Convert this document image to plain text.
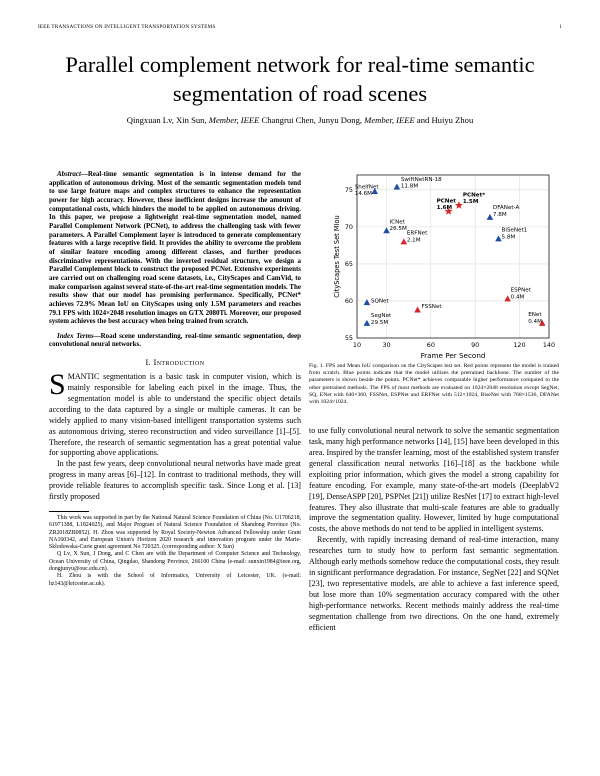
IEEE TRANSACTIONS ON INTELLIGENT TRANSPORTATION SYSTEMS	1
Parallel complement network for real-time semantic segmentation of road scenes
Qingxuan Lv, Xin Sun, Member, IEEE Changrui Chen, Junyu Dong, Member, IEEE and Huiyu Zhou

Abstract—Real-time semantic segmentation is in intense demand for the application of autonomous driving. Most of the semantic segmentation models tend to use large feature maps and complex structures to enhance the representation power for high accuracy. However, these inefficient designs increase the amount of computational costs, which hinders the model to be applied on autonomous driving. In this paper, we propose a lightweight real-time segmentation model, named Parallel Complement Network (PCNet), to address the challenging task with fewer parameters. A Parallel Complement layer is introduced to generate complementary features with a large receptive field. It provides the ability to overcome the problem of similar feature encoding among different classes, and further produces discriminative representations. With the inverted residual structure, we design a Parallel Complement block to construct the proposed PCNet. Extensive experiments are carried out on challenging road scene datasets, i.e., CityScapes and CamVid, to make comparison against several state-of-the-art real-time segmentation models. The results show that our model has promising performance. Specifically, PCNet* achieves 72.9% Mean IoU on CityScapes using only 1.5M parameters and reaches 79.1 FPS with 1024×2048 resolution images on GTX 2080Ti. Moreover, our proposed system achieves the best accuracy when being trained from scratch.

Index Terms—Road scene understanding, real-time semantic segmentation, deep convolutional neural networks.

I. Introduction

SMANTIC segmentation is a basic task in computer vision, which is mainly responsible for labeling each pixel in the image. Thus, the segmentation model is able to understand the specific object details according to the data captured by a single or multiple cameras. It can be widely applied to many vision-based intelligent transportation systems such as autonomous driving, stereo reconstruction and video surveillance [1]–[5]. Therefore, the research of semantic segmentation has a great potential value for supporting above applications.

In the past few years, deep convolutional neural networks have made great progress in many areas [6]–[12]. In contrast to traditional methods, they will provide reliable features to accomplish specific task. Since Long et al. [13] firstly proposed

This work was supported in part by the National Natural Science Foundation of China (No. U1706218, 61971388, L1824025), and Major Program of Natural Science Foundation of Shandong Province (No. ZR2018ZB0852). H. Zhou was supported by Royal Society-Newton Advanced Fellowship under Grant NA160342, and European Union's Horizon 2020 research and innovation program under the Marie-Sklodowska-Curie grant agreement No 720325. (corresponding author: X Sun)

Q Lv, X Sun, J Dong, and C Chen are with the Department of Computer Science and Technology, Ocean University of China, Qingdao, Shandong Province, 266100 China (e-mail: sunxin1984@ieee.org, dongjunyu@ouc.edu.cn).

H. Zhou is with the School of Informatics, University of Leicester, UK. (e-mail: hz143@leicester.ac.uk).

10	30	60	90	120	140
55
60
65
70
75 ShelfNet
14.6M
SwiftNetRN-18
11.8M
PCNet
1.6M
PCNet*
1.5M
DFANet-A
7.8M
ICNet
26.5M
ERFNet
2.1M
BiSeNet1
5.8M
SQNet
FSSNet
SegNet
29.5M
ESPNet
0.4M
ENet
0.4M
Frame Per Second
CityScapes Test Set MIou

Fig. 1. FPS and Mean IoU comparison on the CityScapes test set. Red points represent the model is trained from scratch. Blue points indicate that the model utilizes the pretrained backbone. The number of the parameters is shown beside the points. PCNet* achieves comparable higher performance compared to the other pretrained methods. The FPS of most methods are evaluated on 1024×2048 resolution except SegNet, SQ, ENet with 640×360, FSSNet, ESPNet and ERFNet with 512×1024, BiseNet with 768×1536, DFANet with 1024×1024.

to use fully convolutional neural network to solve the semantic segmentation task, many high performance networks [14], [15] have been developed in this area. Inspired by the transfer learning, most of the established system transfer general classification neural networks [16]–[18] as the backbone while exploiting prior information, which gives the model a strong capability for feature encoding. For example, many state-of-the-art models (DeeplabV2 [19], DenseASPP [20], PSPNet [21]) utilize ResNet [17] to extract high-level features. They also illustrate that multi-scale features are able to gradually improve the segmentation quality. However, limited by huge computational costs, the above methods do not tend to be applied in intelligent systems.

Recently, with rapidly increasing demand of real-time interaction, many researches turn to study how to perform fast semantic segmentation. Although early methods somehow reduce the computational costs, they result in significant performance degradation. For instance, SegNet [22] and SQNet [23], two representative models, are able to achieve a fast inference speed, but lose more than 10% segmentation accuracy compared with the other high-performance networks. Recent methods mainly address the real-time segmentation challenge from two directions. On the one hand, extremely efficient
